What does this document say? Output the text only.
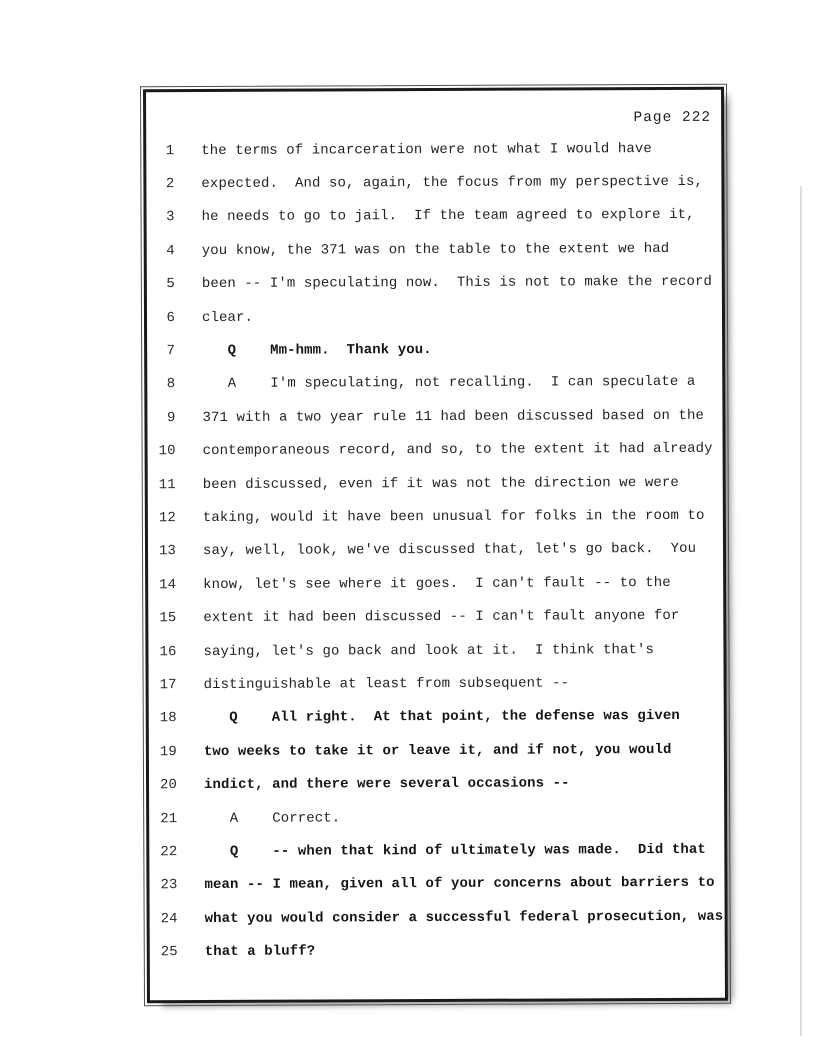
Page 222
1 the terms of incarceration were not what I would have
2 expected.  And so, again, the focus from my perspective is,
3 he needs to go to jail.  If the team agreed to explore it,
4 you know, the 371 was on the table to the extent we had
5 been -- I'm speculating now.  This is not to make the record
6 clear.
7 Q    Mm-hmm.  Thank you.
8 A    I'm speculating, not recalling.  I can speculate a
9 371 with a two year rule 11 had been discussed based on the
10 contemporaneous record, and so, to the extent it had already
11 been discussed, even if it was not the direction we were
12 taking, would it have been unusual for folks in the room to
13 say, well, look, we've discussed that, let's go back.  You
14 know, let's see where it goes.  I can't fault -- to the
15 extent it had been discussed -- I can't fault anyone for
16 saying, let's go back and look at it.  I think that's
17 distinguishable at least from subsequent --
18 Q    All right.  At that point, the defense was given
19 two weeks to take it or leave it, and if not, you would
20 indict, and there were several occasions --
21 A    Correct.
22 Q    -- when that kind of ultimately was made.  Did that
23 mean -- I mean, given all of your concerns about barriers to
24 what you would consider a successful federal prosecution, was
25 that a bluff?
